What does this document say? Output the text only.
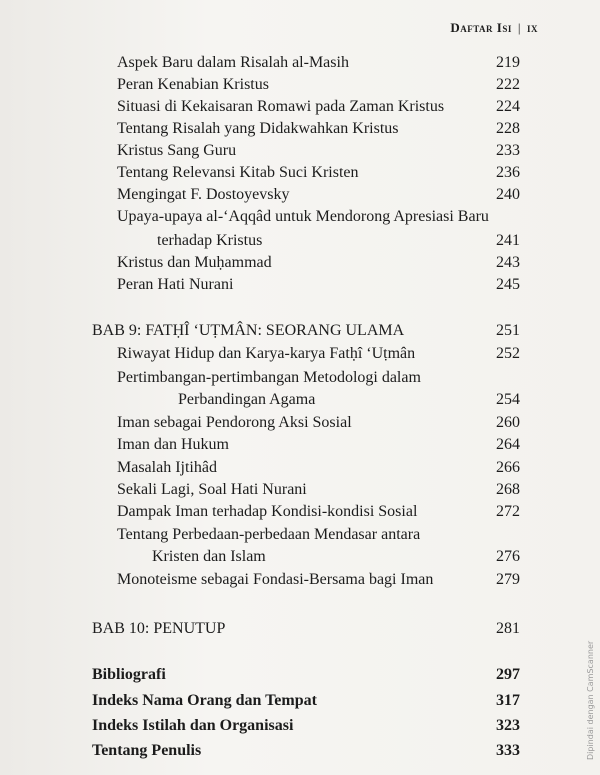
Daftar Isi | ix
Aspek Baru dalam Risalah al-Masih	219
Peran Kenabian Kristus	222
Situasi di Kekaisaran Romawi pada Zaman Kristus	224
Tentang Risalah yang Didakwahkan Kristus	228
Kristus Sang Guru	233
Tentang Relevansi Kitab Suci Kristen	236
Mengingat F. Dostoyevsky	240
Upaya-upaya al-‘Aqqâd untuk Mendorong Apresiasi Baru
terhadap Kristus	241
Kristus dan Muḥammad	243
Peran Hati Nurani	245
BAB 9: FATḤÎ ‘UṬMÂN: SEORANG ULAMA	251
Riwayat Hidup dan Karya-karya Fatḥî ‘Uṭmân	252
Pertimbangan-pertimbangan Metodologi dalam
Perbandingan Agama	254
Iman sebagai Pendorong Aksi Sosial	260
Iman dan Hukum	264
Masalah Ijtihâd	266
Sekali Lagi, Soal Hati Nurani	268
Dampak Iman terhadap Kondisi-kondisi Sosial	272
Tentang Perbedaan-perbedaan Mendasar antara
Kristen dan Islam	276
Monoteisme sebagai Fondasi-Bersama bagi Iman	279
BAB 10: PENUTUP	281
Bibliografi	297
Indeks Nama Orang dan Tempat	317
Indeks Istilah dan Organisasi	323
Tentang Penulis	333	Dipindai dengan CamScanner
